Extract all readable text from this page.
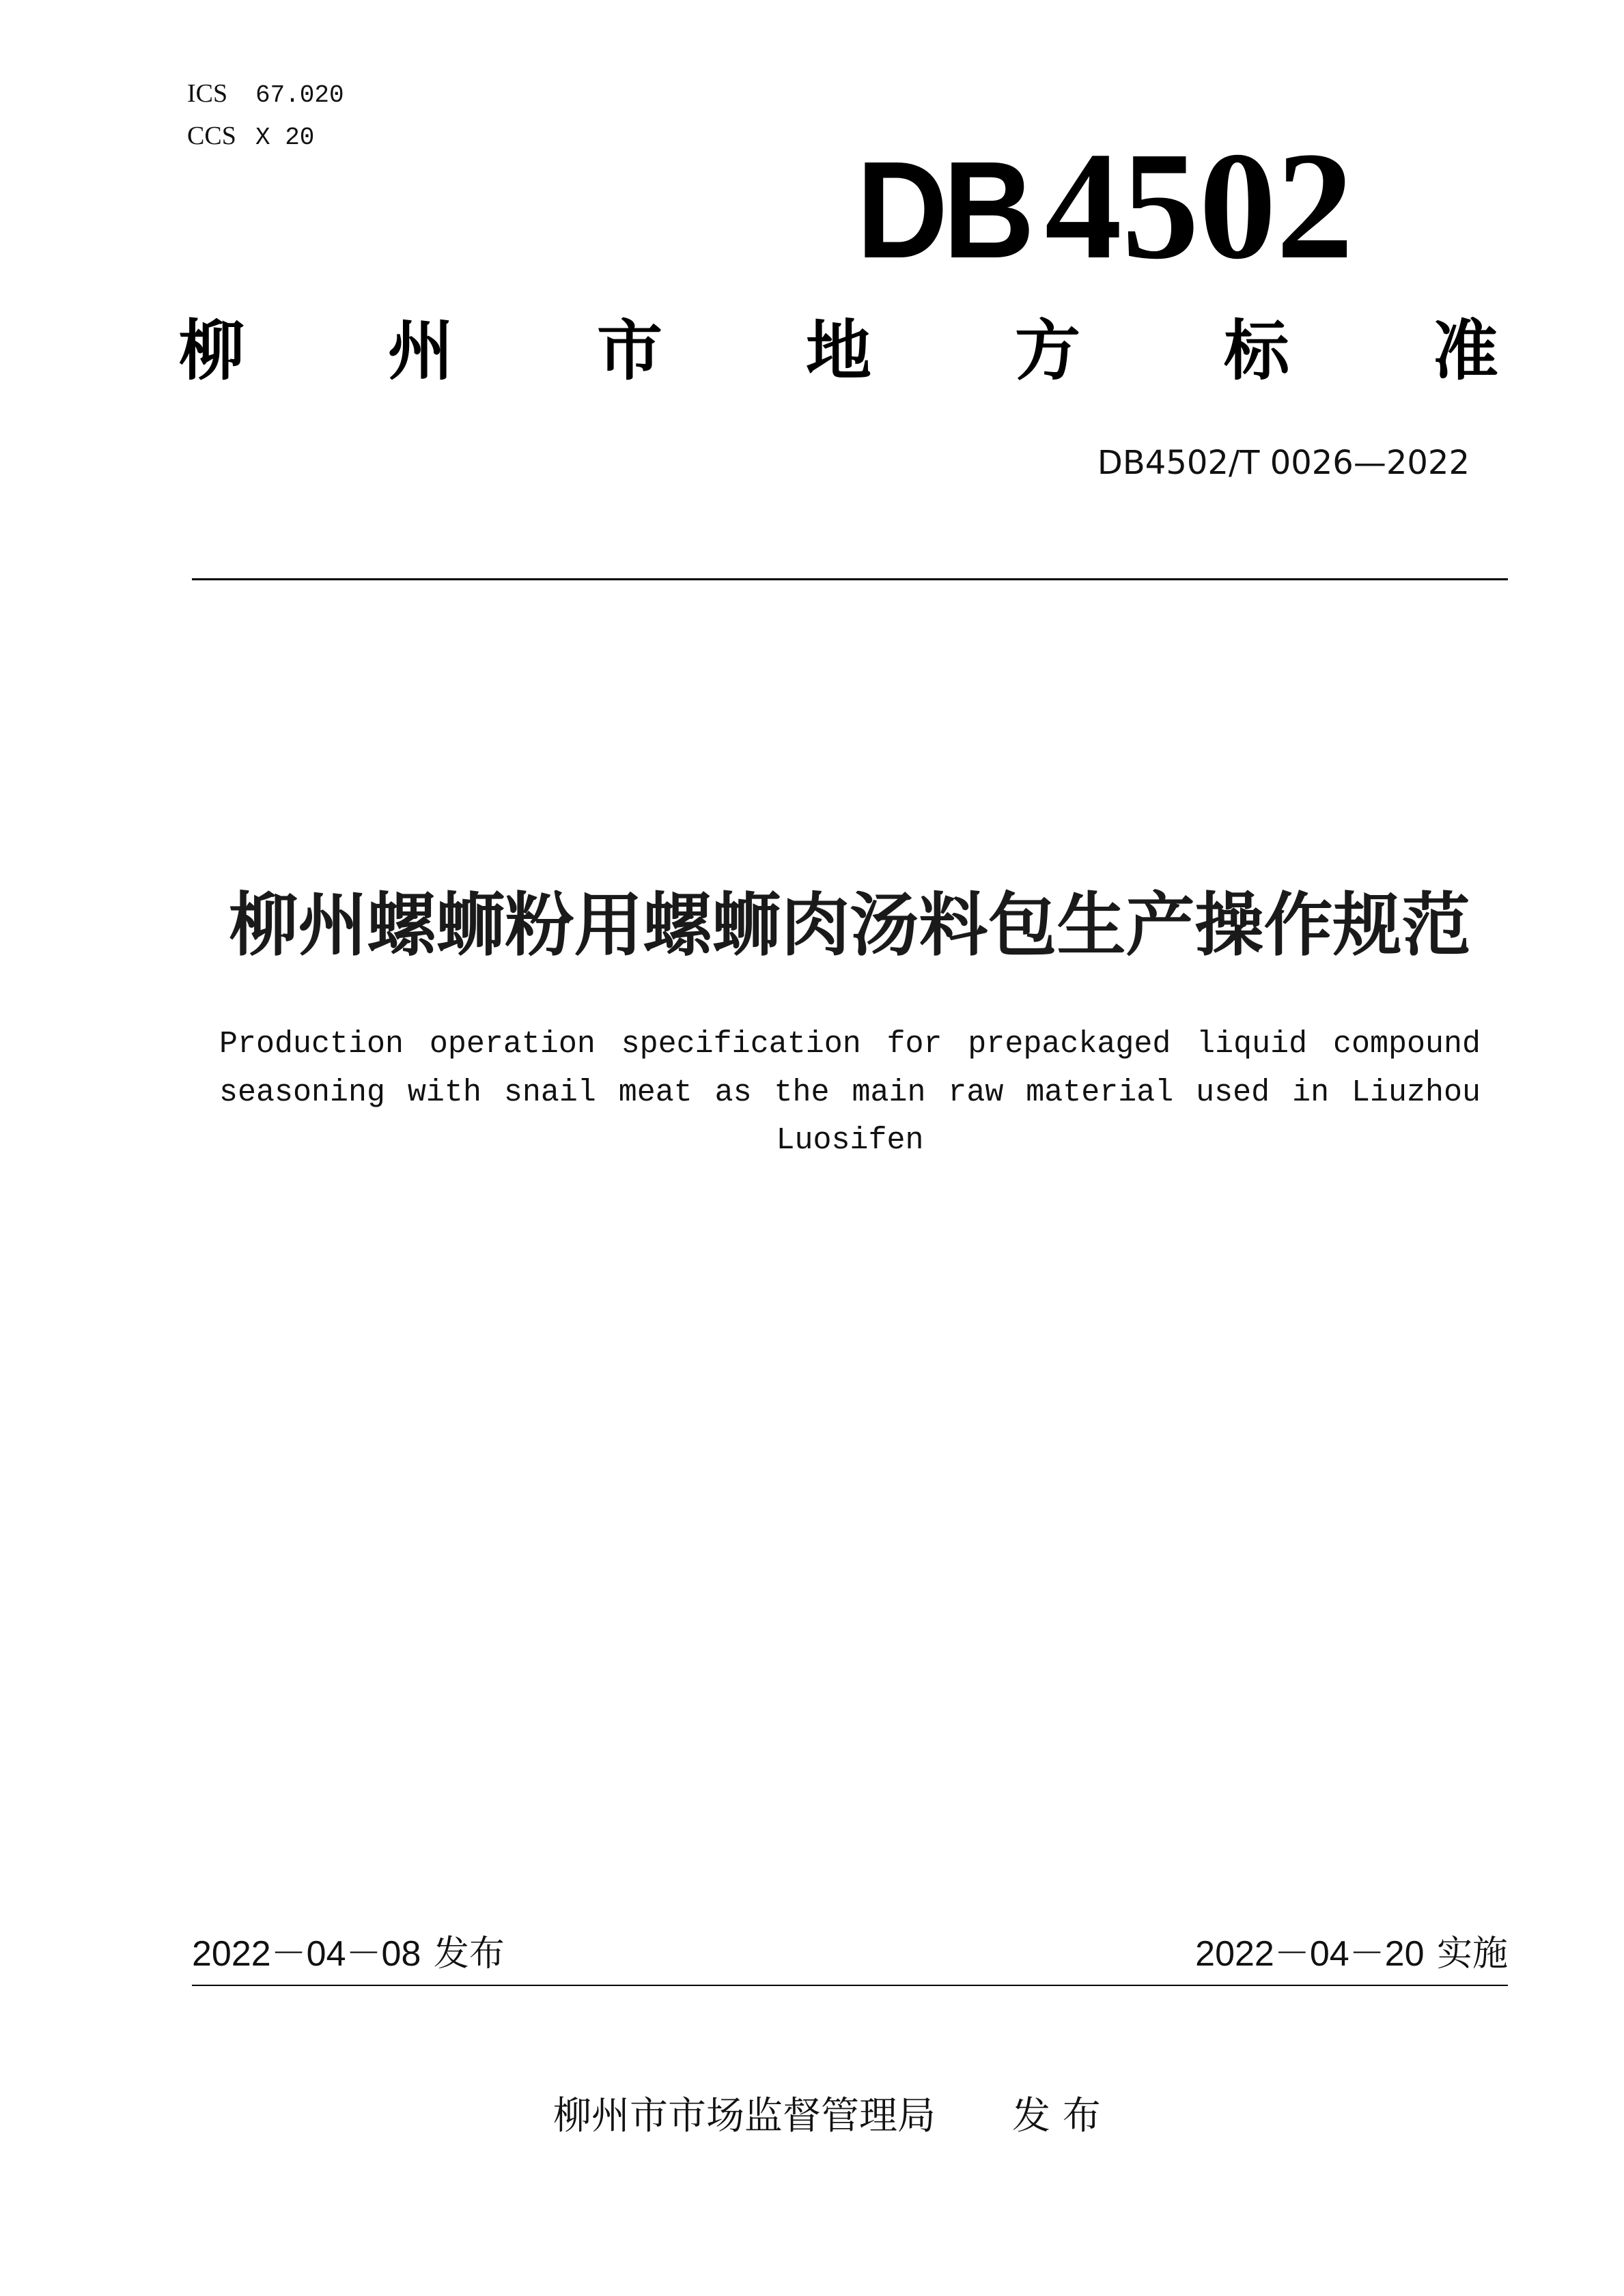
ICS	67.020
CCS X 20	DB 4502
柳 州 市 地 方 标 准
DB4502/T 0026—2022
柳州螺蛳粉用螺蛳肉汤料包生产操作规范
Production operation specification for prepackaged liquid compound
seasoning with snail meat as the main raw material used in Liuzhou
Luosifen
2022－04－08 发布	2022－04－20 实施
柳州市市场监督管理局 发 布
